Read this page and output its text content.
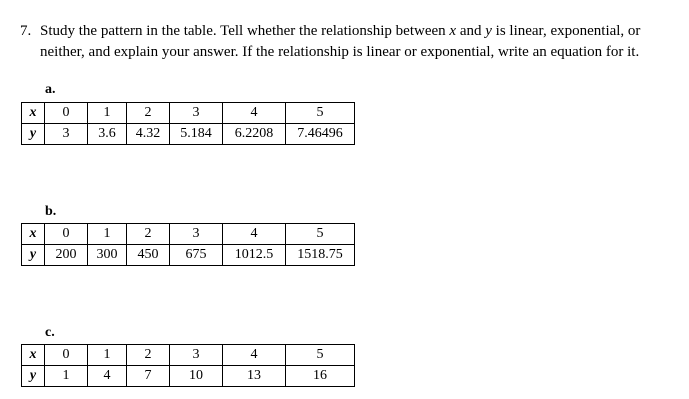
7. Study the pattern in the table. Tell whether the relationship between x and y is linear, exponential, or neither, and explain your answer. If the relationship is linear or exponential, write an equation for it.
a.
x	0	1	2	3	4	5
y	3	3.6	4.32	5.184	6.2208	7.46496
b.
x	0	1	2	3	4	5
y	200	300	450	675	1012.5	1518.75
c.
x	0	1	2	3	4	5
y	1	4	7	10	13	16
